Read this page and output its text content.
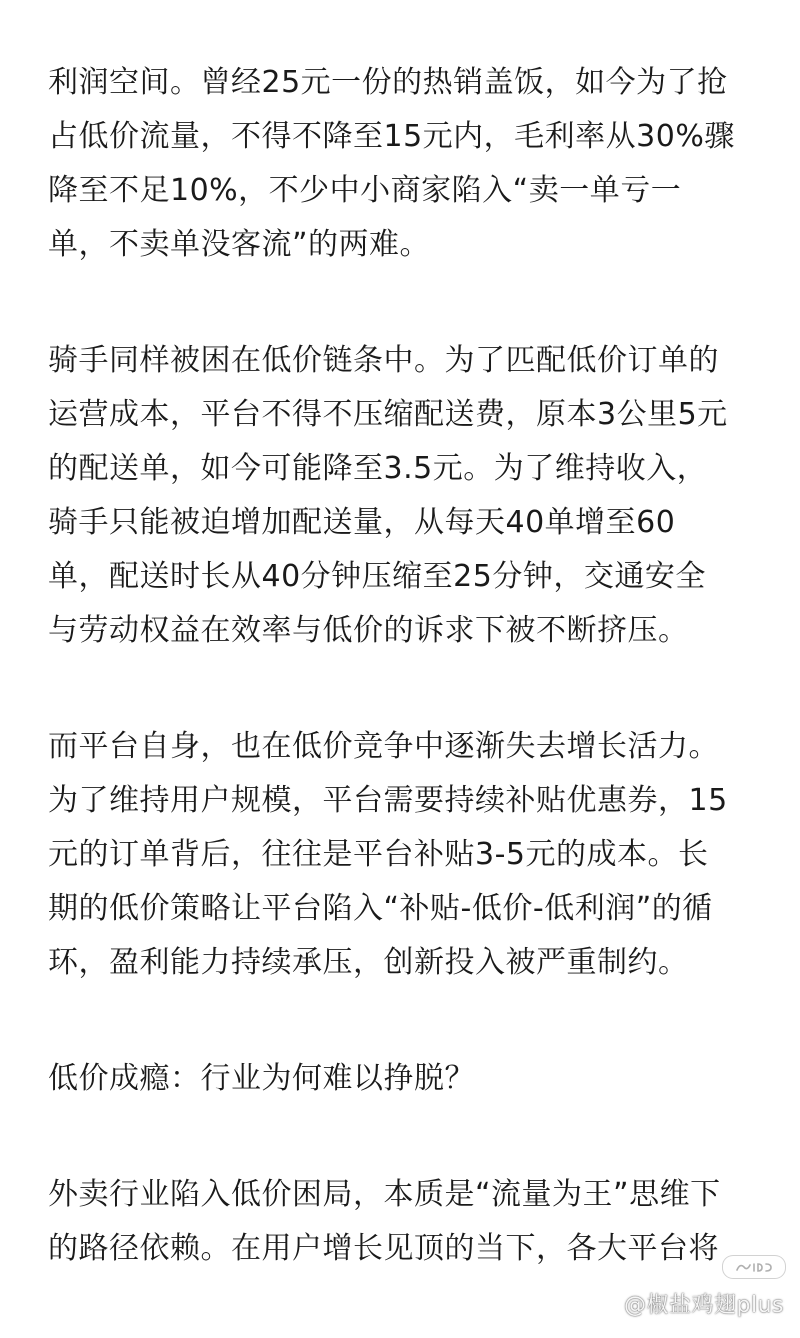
利润空间。曾经25元一份的热销盖饭，如今为了抢
占低价流量，不得不降至15元内，毛利率从30%骤
降至不足10%，不少中小商家陷入“卖一单亏一
单，不卖单没客流”的两难。

骑手同样被困在低价链条中。为了匹配低价订单的
运营成本，平台不得不压缩配送费，原本3公里5元
的配送单，如今可能降至3.5元。为了维持收入，
骑手只能被迫增加配送量，从每天40单增至60
单，配送时长从40分钟压缩至25分钟，交通安全
与劳动权益在效率与低价的诉求下被不断挤压。

而平台自身，也在低价竞争中逐渐失去增长活力。
为了维持用户规模，平台需要持续补贴优惠券，15
元的订单背后，往往是平台补贴3-5元的成本。长
期的低价策略让平台陷入“补贴-低价-低利润”的循
环，盈利能力持续承压，创新投入被严重制约。

低价成瘾：行业为何难以挣脱？

外卖行业陷入低价困局，本质是“流量为王”思维下
的路径依赖。在用户增长见顶的当下，各大平台将

@椒盐鸡翅plus
